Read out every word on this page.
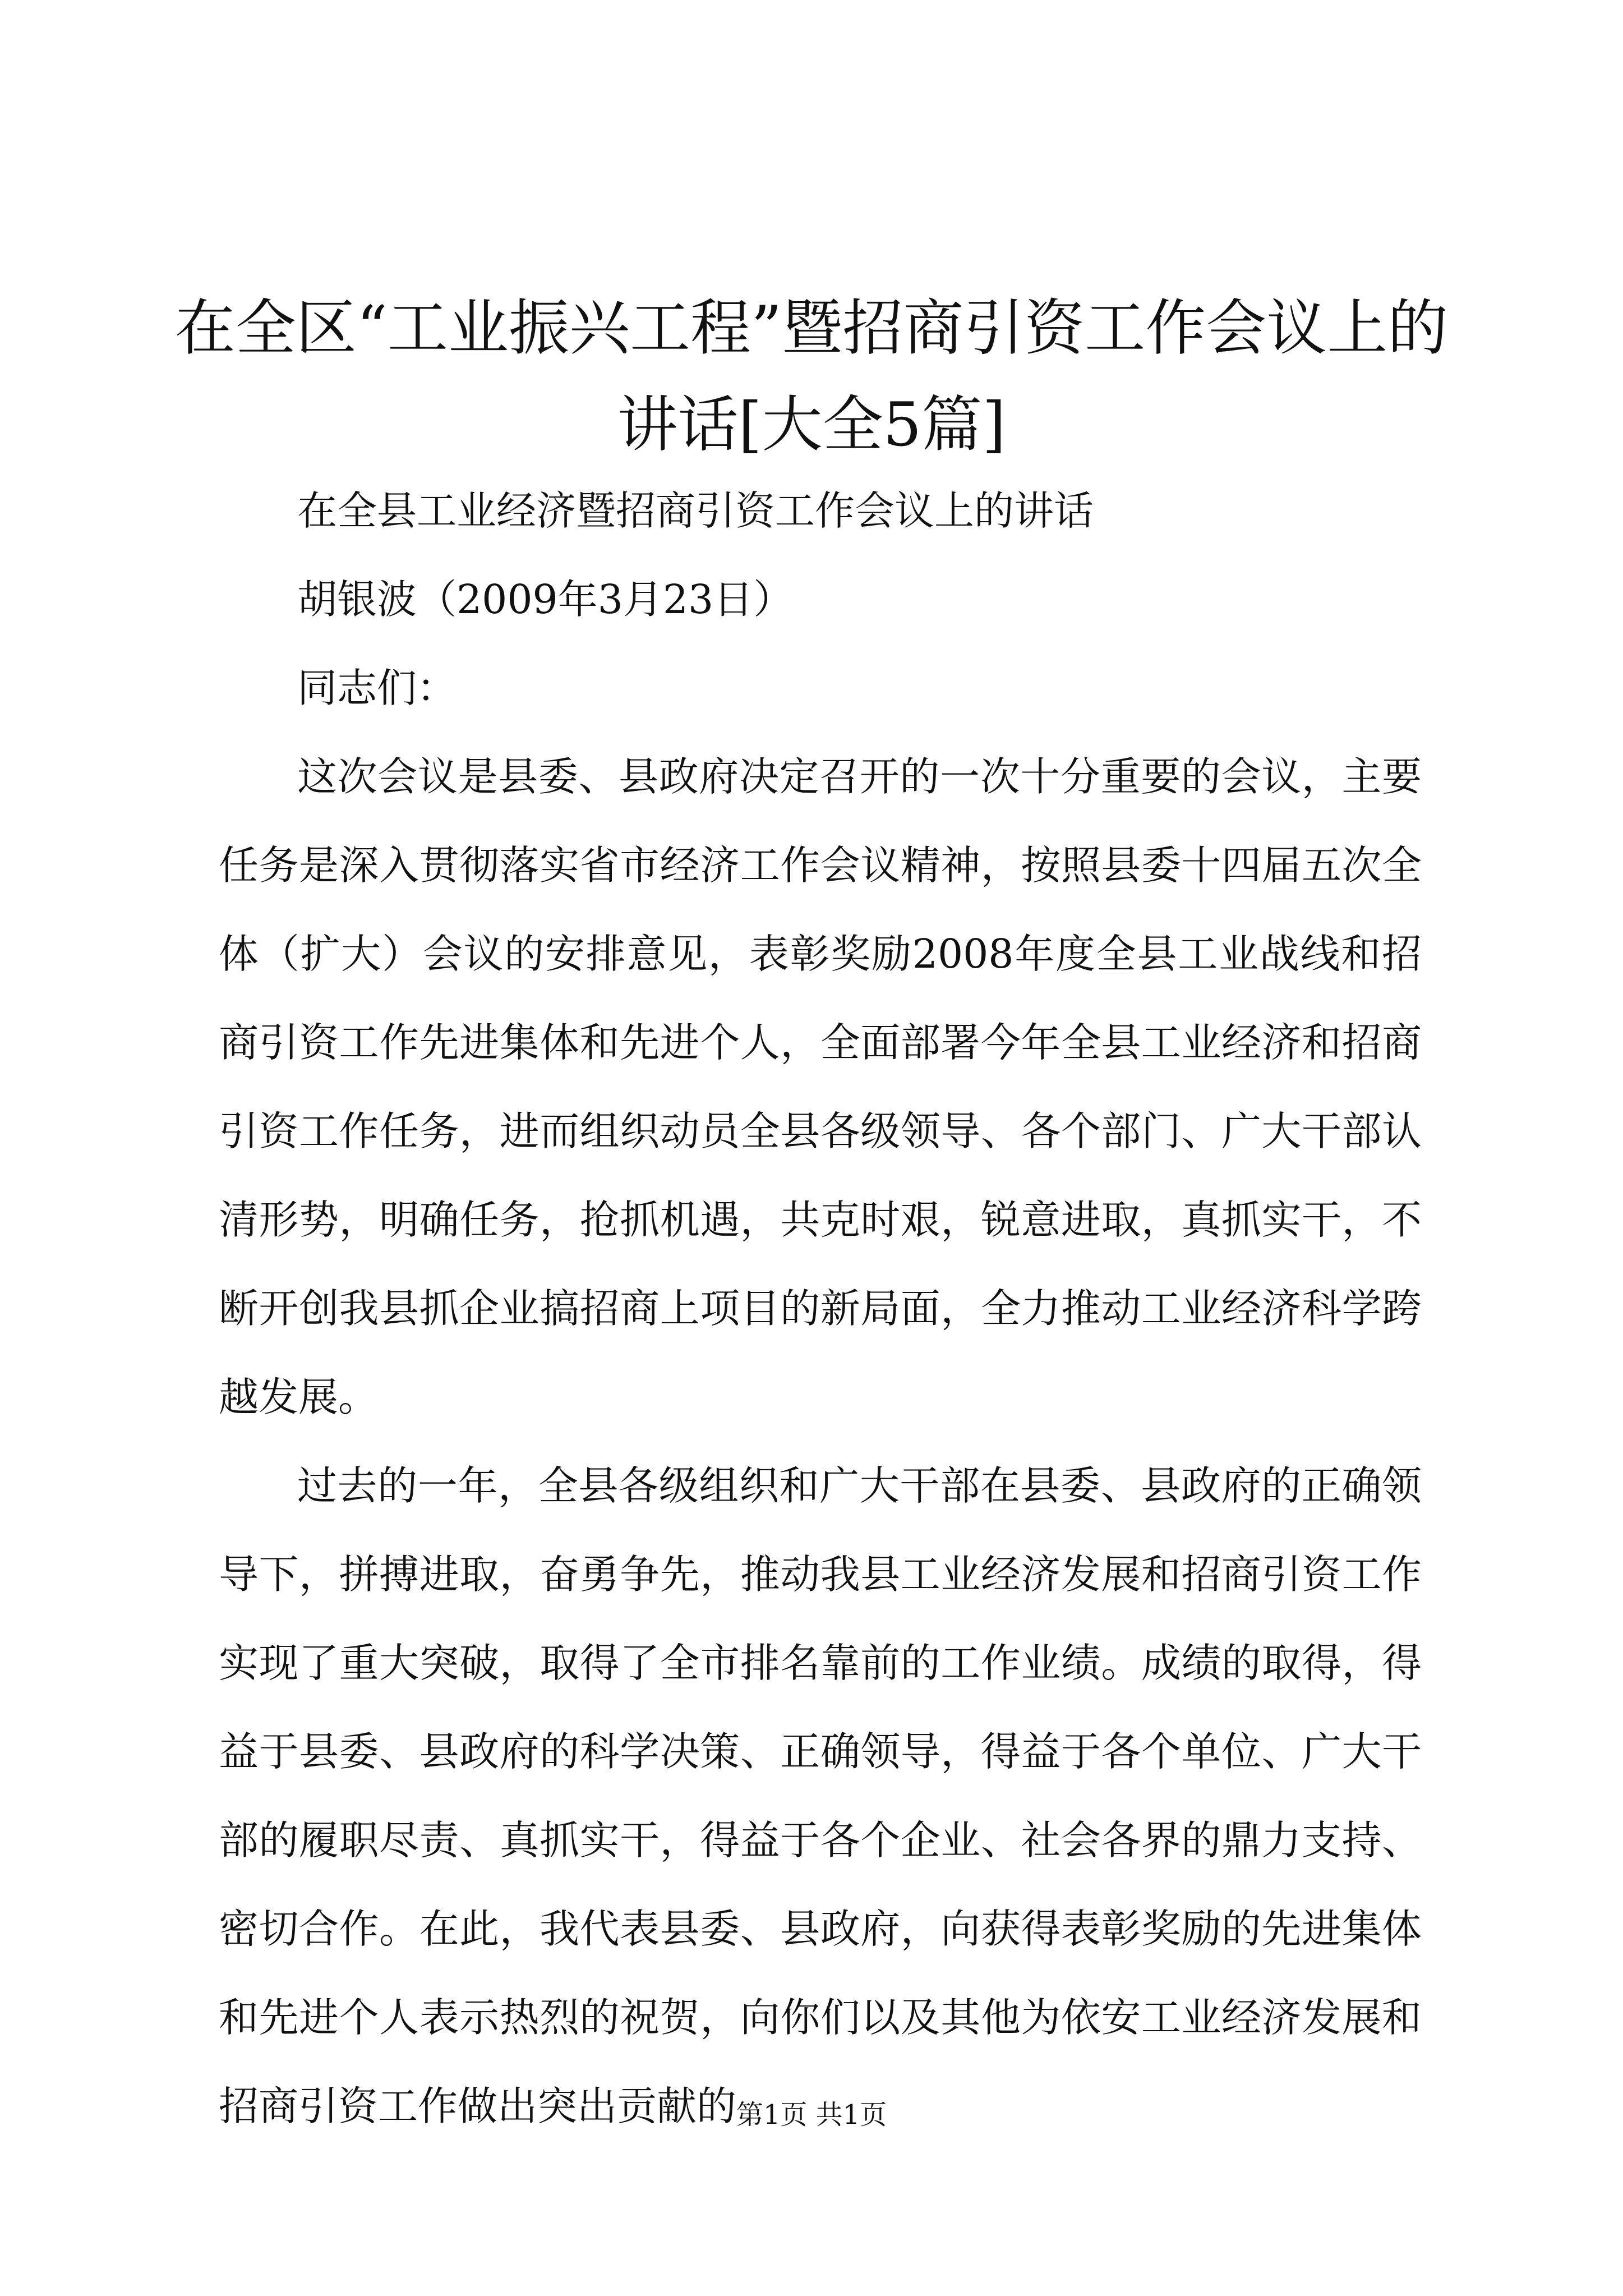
在全区“工业振兴工程”暨招商引资工作会议上的讲话[大全5篇]

在全县工业经济暨招商引资工作会议上的讲话

胡银波（2009年3月23日）

同志们：

这次会议是县委、县政府决定召开的一次十分重要的会议，主要任务是深入贯彻落实省市经济工作会议精神，按照县委十四届五次全体（扩大）会议的安排意见，表彰奖励2008年度全县工业战线和招商引资工作先进集体和先进个人，全面部署今年全县工业经济和招商引资工作任务，进而组织动员全县各级领导、各个部门、广大干部认清形势，明确任务，抢抓机遇，共克时艰，锐意进取，真抓实干，不断开创我县抓企业搞招商上项目的新局面，全力推动工业经济科学跨越发展。

过去的一年，全县各级组织和广大干部在县委、县政府的正确领导下，拼搏进取，奋勇争先，推动我县工业经济发展和招商引资工作实现了重大突破，取得了全市排名靠前的工作业绩。成绩的取得，得益于县委、县政府的科学决策、正确领导，得益于各个单位、广大干部的履职尽责、真抓实干，得益于各个企业、社会各界的鼎力支持、密切合作。在此，我代表县委、县政府，向获得表彰奖励的先进集体和先进个人表示热烈的祝贺，向你们以及其他为依安工业经济发展和招商引资工作做出突出贡献的 第1页 共1页
